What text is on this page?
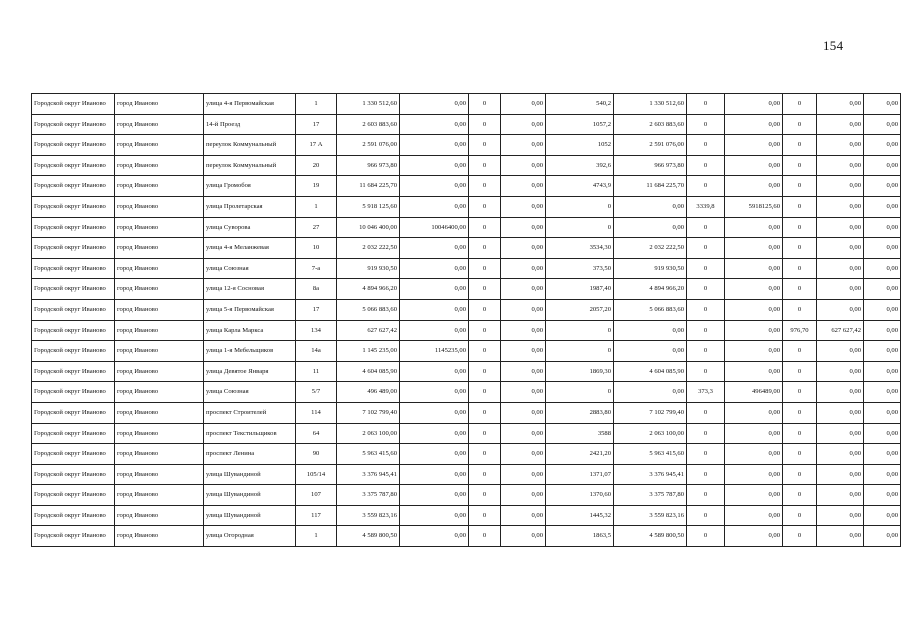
154
Городской округ Иваново	город Иваново	улица 4-я Первомайская	1	1 330 512,60	0,00	0	0,00	540,2	1 330 512,60	0	0,00	0	0,00	0,00
Городской округ Иваново	город Иваново	14-й Проезд	17	2 603 883,60	0,00	0	0,00	1057,2	2 603 883,60	0	0,00	0	0,00	0,00
Городской округ Иваново	город Иваново	переулок Коммунальный	17 А	2 591 076,00	0,00	0	0,00	1052	2 591 076,00	0	0,00	0	0,00	0,00
Городской округ Иваново	город Иваново	переулок Коммунальный	20	966 973,80	0,00	0	0,00	392,6	966 973,80	0	0,00	0	0,00	0,00
Городской округ Иваново	город Иваново	улица Громобоя	19	11 684 225,70	0,00	0	0,00	4743,9	11 684 225,70	0	0,00	0	0,00	0,00
Городской округ Иваново	город Иваново	улица Пролетарская	1	5 918 125,60	0,00	0	0,00	0	0,00	3339,8	5918125,60	0	0,00	0,00
Городской округ Иваново	город Иваново	улица Суворова	27	10 046 400,00	10046400,00	0	0,00	0	0,00	0	0,00	0	0,00	0,00
Городской округ Иваново	город Иваново	улица 4-я Меланжевая	10	2 032 222,50	0,00	0	0,00	3534,30	2 032 222,50	0	0,00	0	0,00	0,00
Городской округ Иваново	город Иваново	улица Союзная	7-а	919 930,50	0,00	0	0,00	373,50	919 930,50	0	0,00	0	0,00	0,00
Городской округ Иваново	город Иваново	улица 12-я Сосновая	8а	4 894 966,20	0,00	0	0,00	1987,40	4 894 966,20	0	0,00	0	0,00	0,00
Городской округ Иваново	город Иваново	улица 5-я Первомайская	17	5 066 883,60	0,00	0	0,00	2057,20	5 066 883,60	0	0,00	0	0,00	0,00
Городской округ Иваново	город Иваново	улица Карла Маркса	134	627 627,42	0,00	0	0,00	0	0,00	0	0,00	976,70	627 627,42	0,00
Городской округ Иваново	город Иваново	улица 1-я Мебельщиков	14а	1 145 235,00	1145235,00	0	0,00	0	0,00	0	0,00	0	0,00	0,00
Городской округ Иваново	город Иваново	улица Девятое Января	11	4 604 085,90	0,00	0	0,00	1869,30	4 604 085,90	0	0,00	0	0,00	0,00
Городской округ Иваново	город Иваново	улица Союзная	5/7	496 489,00	0,00	0	0,00	0	0,00	373,3	496489,00	0	0,00	0,00
Городской округ Иваново	город Иваново	проспект Строителей	114	7 102 799,40	0,00	0	0,00	2883,80	7 102 799,40	0	0,00	0	0,00	0,00
Городской округ Иваново	город Иваново	проспект Текстильщиков	64	2 063 100,00	0,00	0	0,00	3588	2 063 100,00	0	0,00	0	0,00	0,00
Городской округ Иваново	город Иваново	проспект Ленина	90	5 963 415,60	0,00	0	0,00	2421,20	5 963 415,60	0	0,00	0	0,00	0,00
Городской округ Иваново	город Иваново	улица Шувандиной	105/14	3 376 945,41	0,00	0	0,00	1371,07	3 376 945,41	0	0,00	0	0,00	0,00
Городской округ Иваново	город Иваново	улица Шувандиной	107	3 375 787,80	0,00	0	0,00	1370,60	3 375 787,80	0	0,00	0	0,00	0,00
Городской округ Иваново	город Иваново	улица Шувандиной	117	3 559 823,16	0,00	0	0,00	1445,32	3 559 823,16	0	0,00	0	0,00	0,00
Городской округ Иваново	город Иваново	улица Огородная	1	4 589 800,50	0,00	0	0,00	1863,5	4 589 800,50	0	0,00	0	0,00	0,00
